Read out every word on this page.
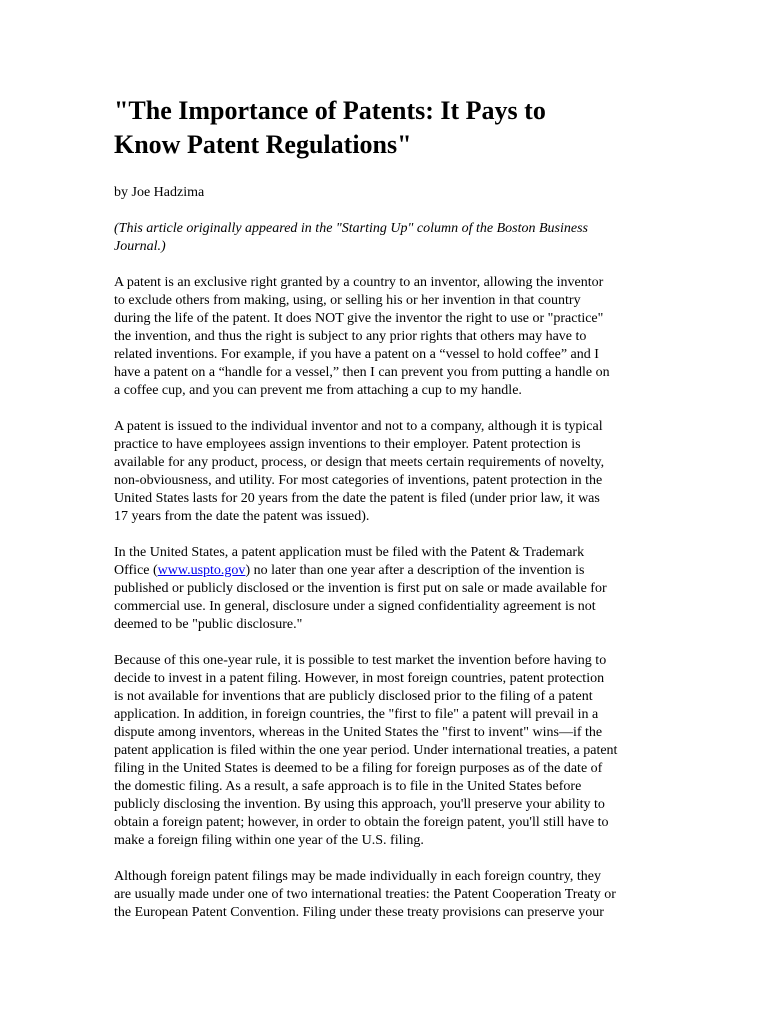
"The Importance of Patents: It Pays to
Know Patent Regulations"
by Joe Hadzima
(This article originally appeared in the "Starting Up" column of the Boston Business
Journal.)
A patent is an exclusive right granted by a country to an inventor, allowing the inventor
to exclude others from making, using, or selling his or her invention in that country
during the life of the patent. It does NOT give the inventor the right to use or "practice"
the invention, and thus the right is subject to any prior rights that others may have to
related inventions. For example, if you have a patent on a “vessel to hold coffee” and I
have a patent on a “handle for a vessel,” then I can prevent you from putting a handle on
a coffee cup, and you can prevent me from attaching a cup to my handle.
A patent is issued to the individual inventor and not to a company, although it is typical
practice to have employees assign inventions to their employer. Patent protection is
available for any product, process, or design that meets certain requirements of novelty,
non-obviousness, and utility. For most categories of inventions, patent protection in the
United States lasts for 20 years from the date the patent is filed (under prior law, it was
17 years from the date the patent was issued).
In the United States, a patent application must be filed with the Patent & Trademark
Office (www.uspto.gov) no later than one year after a description of the invention is
published or publicly disclosed or the invention is first put on sale or made available for
commercial use. In general, disclosure under a signed confidentiality agreement is not
deemed to be "public disclosure."
Because of this one-year rule, it is possible to test market the invention before having to
decide to invest in a patent filing. However, in most foreign countries, patent protection
is not available for inventions that are publicly disclosed prior to the filing of a patent
application. In addition, in foreign countries, the "first to file" a patent will prevail in a
dispute among inventors, whereas in the United States the "first to invent" wins—if the
patent application is filed within the one year period. Under international treaties, a patent
filing in the United States is deemed to be a filing for foreign purposes as of the date of
the domestic filing. As a result, a safe approach is to file in the United States before
publicly disclosing the invention. By using this approach, you'll preserve your ability to
obtain a foreign patent; however, in order to obtain the foreign patent, you'll still have to
make a foreign filing within one year of the U.S. filing.
Although foreign patent filings may be made individually in each foreign country, they
are usually made under one of two international treaties: the Patent Cooperation Treaty or
the European Patent Convention. Filing under these treaty provisions can preserve your
